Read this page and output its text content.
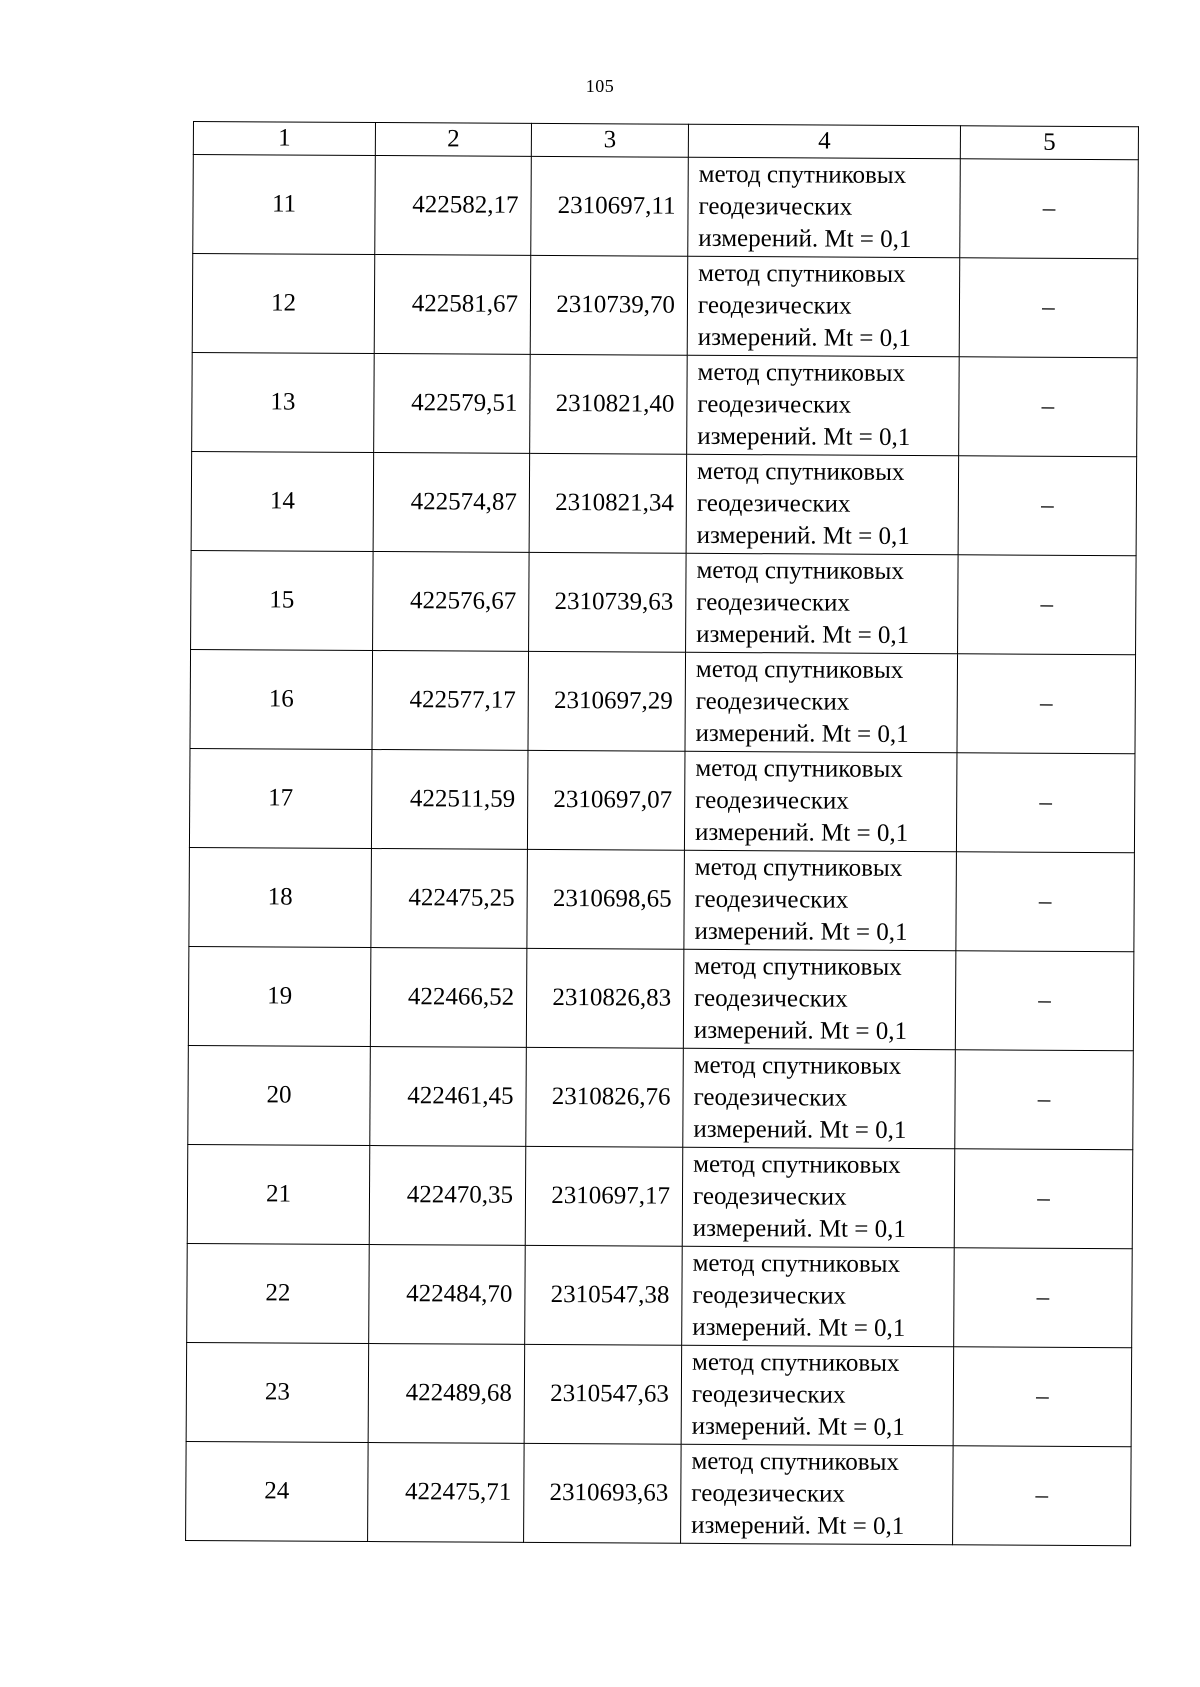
105
1	2	3	4	5
11	422582,17	2310697,11	метод спутниковых
геодезических
измерений. Mt = 0,1	–
12	422581,67	2310739,70	метод спутниковых
геодезических
измерений. Mt = 0,1	–
13	422579,51	2310821,40	метод спутниковых
геодезических
измерений. Mt = 0,1	–
14	422574,87	2310821,34	метод спутниковых
геодезических
измерений. Mt = 0,1	–
15	422576,67	2310739,63	метод спутниковых
геодезических
измерений. Mt = 0,1	–
16	422577,17	2310697,29	метод спутниковых
геодезических
измерений. Mt = 0,1	–
17	422511,59	2310697,07	метод спутниковых
геодезических
измерений. Mt = 0,1	–
18	422475,25	2310698,65	метод спутниковых
геодезических
измерений. Mt = 0,1	–
19	422466,52	2310826,83	метод спутниковых
геодезических
измерений. Mt = 0,1	–
20	422461,45	2310826,76	метод спутниковых
геодезических
измерений. Mt = 0,1	–
21	422470,35	2310697,17	метод спутниковых
геодезических
измерений. Mt = 0,1	–
22	422484,70	2310547,38	метод спутниковых
геодезических
измерений. Mt = 0,1	–
23	422489,68	2310547,63	метод спутниковых
геодезических
измерений. Mt = 0,1	–
24	422475,71	2310693,63	метод спутниковых
геодезических
измерений. Mt = 0,1	–
